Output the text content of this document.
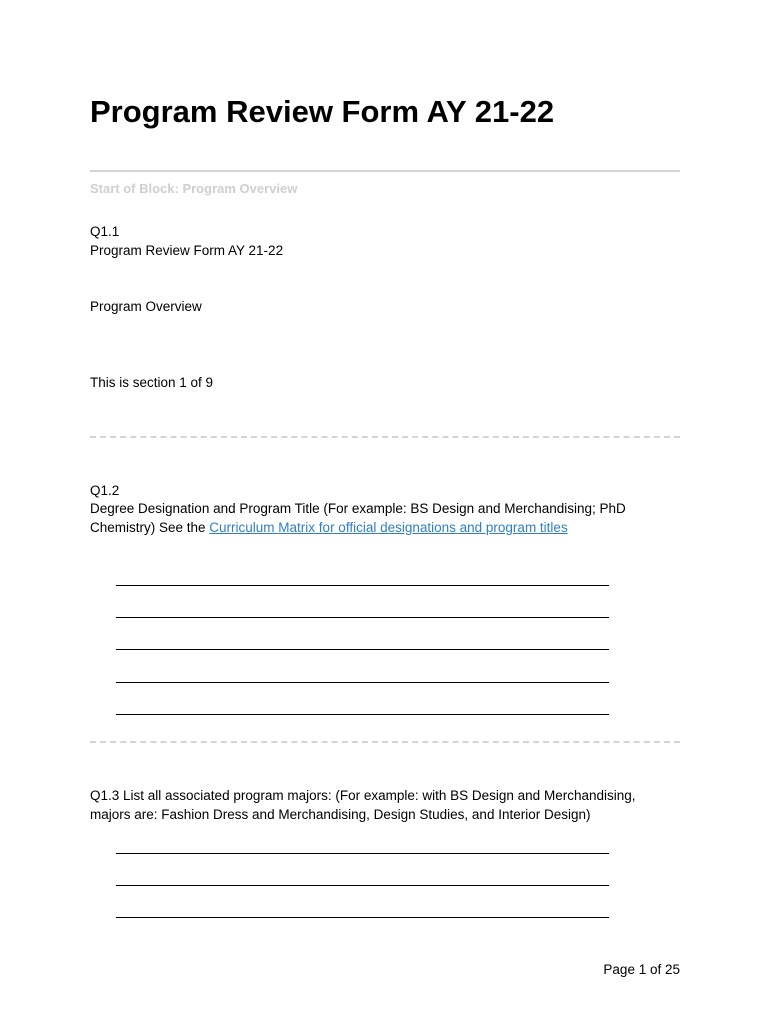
Program Review Form AY 21-22
Start of Block: Program Overview
Q1.1
Program Review Form AY 21-22
Program Overview
This is section 1 of 9
Q1.2
Degree Designation and Program Title (For example: BS Design and Merchandising; PhD
Chemistry) See the Curriculum Matrix for official designations and program titles
Q1.3 List all associated program majors: (For example: with BS Design and Merchandising,
majors are: Fashion Dress and Merchandising, Design Studies, and Interior Design)
Page 1 of 25
